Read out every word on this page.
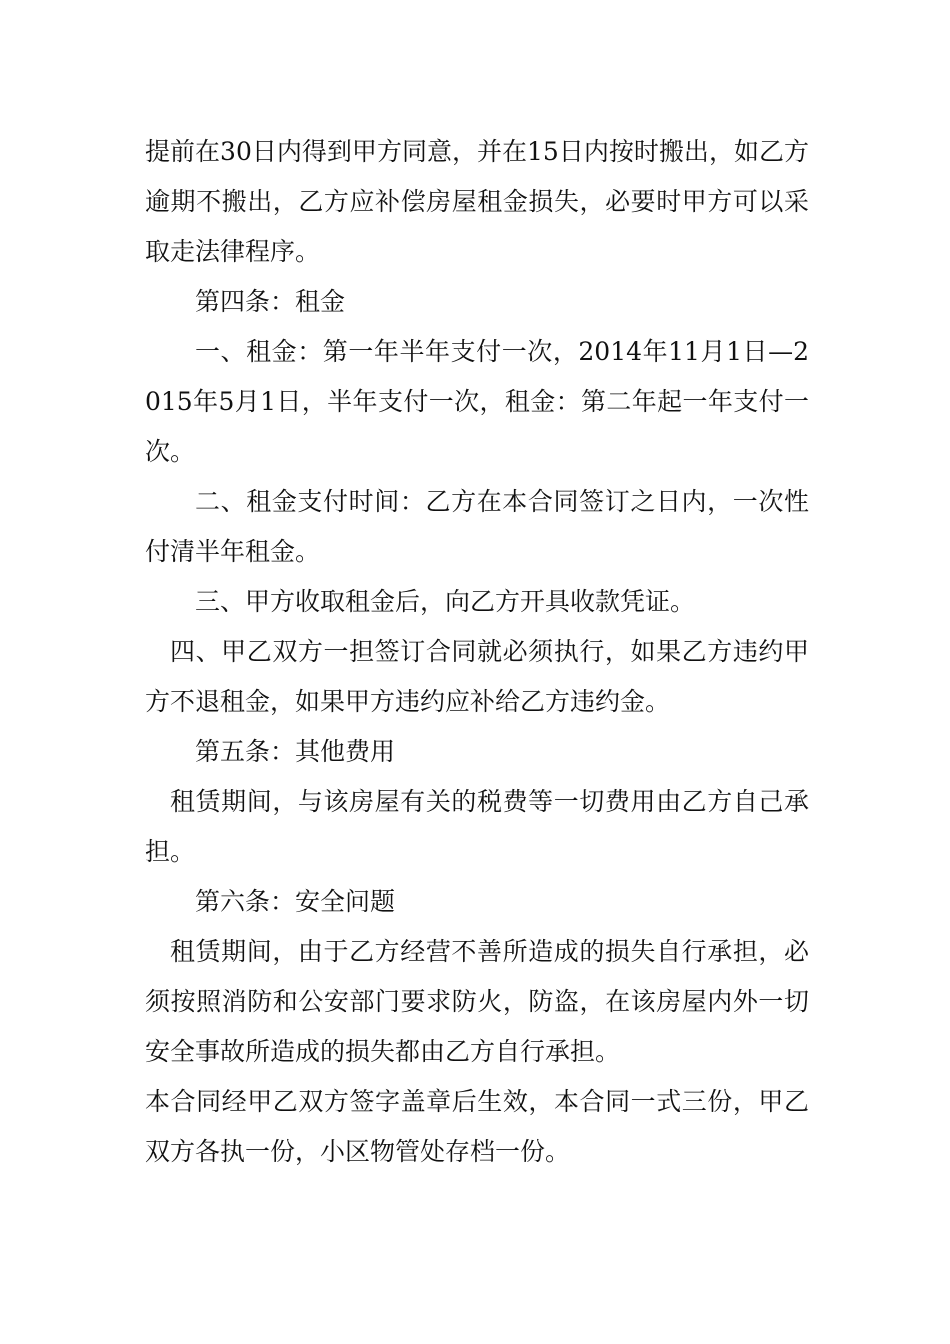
提前在30日内得到甲方同意，并在15日内按时搬出，如乙方逾期不搬出，乙方应补偿房屋租金损失，必要时甲方可以采取走法律程序。

第四条：租金

一、租金：第一年半年支付一次，2014年11月1日—2015年5月1日，半年支付一次，租金：第二年起一年支付一次。

二、租金支付时间：乙方在本合同签订之日内，一次性付清半年租金。

三、甲方收取租金后，向乙方开具收款凭证。

四、甲乙双方一担签订合同就必须执行，如果乙方违约甲方不退租金，如果甲方违约应补给乙方违约金。

第五条：其他费用

租赁期间，与该房屋有关的税费等一切费用由乙方自己承担。

第六条：安全问题

租赁期间，由于乙方经营不善所造成的损失自行承担，必须按照消防和公安部门要求防火，防盗，在该房屋内外一切安全事故所造成的损失都由乙方自行承担。

本合同经甲乙双方签字盖章后生效，本合同一式三份，甲乙双方各执一份，小区物管处存档一份。
